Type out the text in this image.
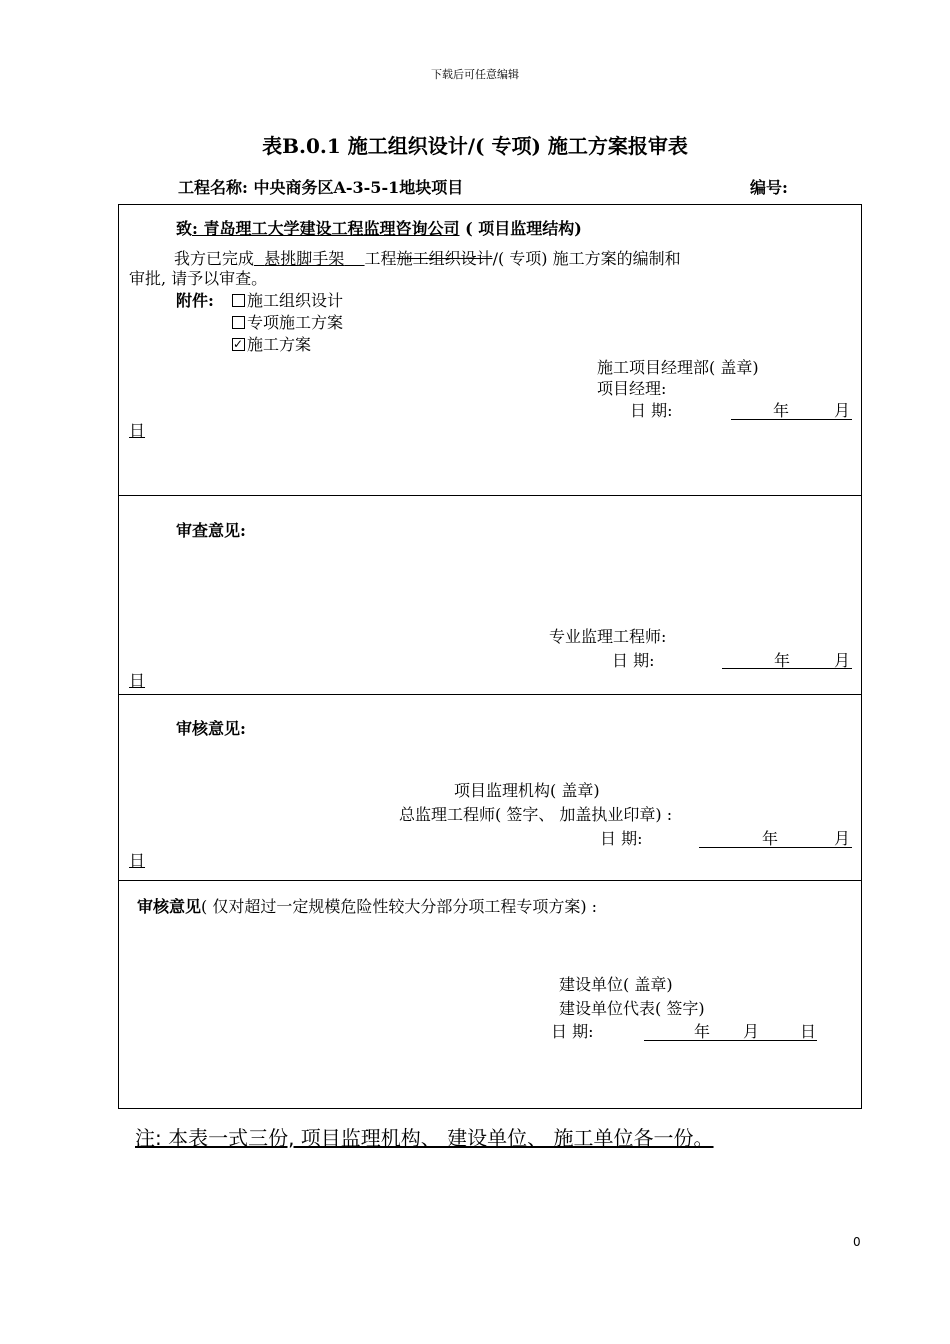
下载后可任意编辑
表B.0.1 施工组织设计/( 专项) 施工方案报审表
工程名称: 中央商务区A-3-5-1地块项目	编号:
致: 青岛理工大学建设工程监理咨询公司 ( 项目监理结构)
我方已完成 悬挑脚手架 工程施工组织设计/( 专项) 施工方案的编制和
审批, 请予以审查。
附件:	施工组织设计
专项施工方案
✓施工方案
施工项目经理部( 盖章)
项目经理:
日 期:	年	月
日
审查意见:
专业监理工程师:
日 期:	年	月
日
审核意见:
项目监理机构( 盖章)
总监理工程师( 签字、 加盖执业印章) :
日 期:	年	月
日
审核意见( 仅对超过一定规模危险性较大分部分项工程专项方案) :
建设单位( 盖章)
建设单位代表( 签字)
日 期:	年 月	日
注: 本表一式三份, 项目监理机构、 建设单位、 施工单位各一份。
0
